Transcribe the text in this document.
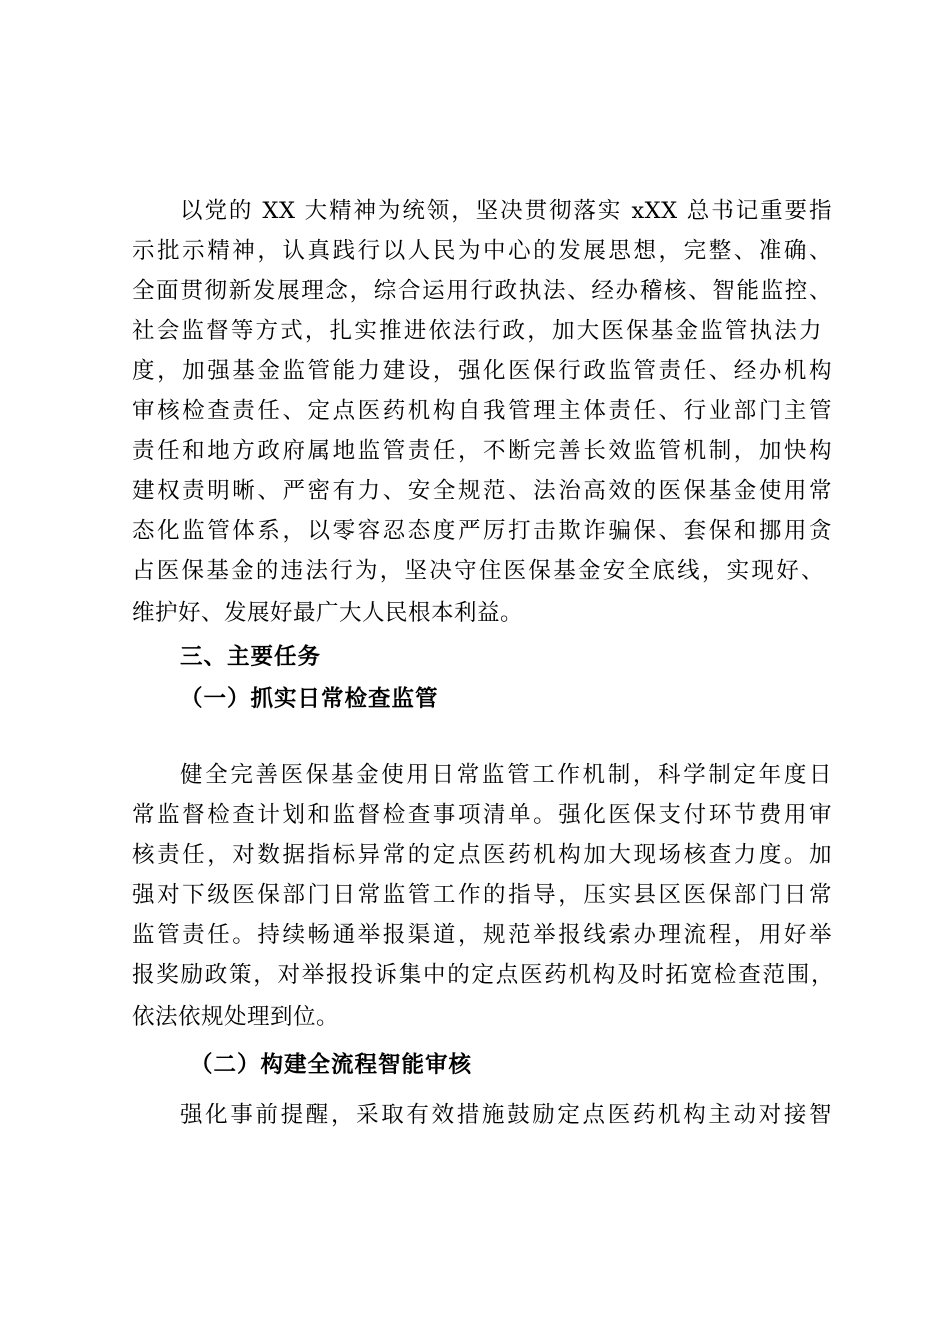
以党的 XX 大精神为统领，坚决贯彻落实 xXX 总书记重要指
示批示精神，认真践行以人民为中心的发展思想，完整、准确、
全面贯彻新发展理念，综合运用行政执法、经办稽核、智能监控、
社会监督等方式，扎实推进依法行政，加大医保基金监管执法力
度，加强基金监管能力建设，强化医保行政监管责任、经办机构
审核检查责任、定点医药机构自我管理主体责任、行业部门主管
责任和地方政府属地监管责任，不断完善长效监管机制，加快构
建权责明晰、严密有力、安全规范、法治高效的医保基金使用常
态化监管体系，以零容忍态度严厉打击欺诈骗保、套保和挪用贪
占医保基金的违法行为，坚决守住医保基金安全底线，实现好、
维护好、发展好最广大人民根本利益。
三、主要任务
（一）抓实日常检查监管
健全完善医保基金使用日常监管工作机制，科学制定年度日
常监督检查计划和监督检查事项清单。强化医保支付环节费用审
核责任，对数据指标异常的定点医药机构加大现场核查力度。加
强对下级医保部门日常监管工作的指导，压实县区医保部门日常
监管责任。持续畅通举报渠道，规范举报线索办理流程，用好举
报奖励政策，对举报投诉集中的定点医药机构及时拓宽检查范围，
依法依规处理到位。
（二）构建全流程智能审核
强化事前提醒，采取有效措施鼓励定点医药机构主动对接智
